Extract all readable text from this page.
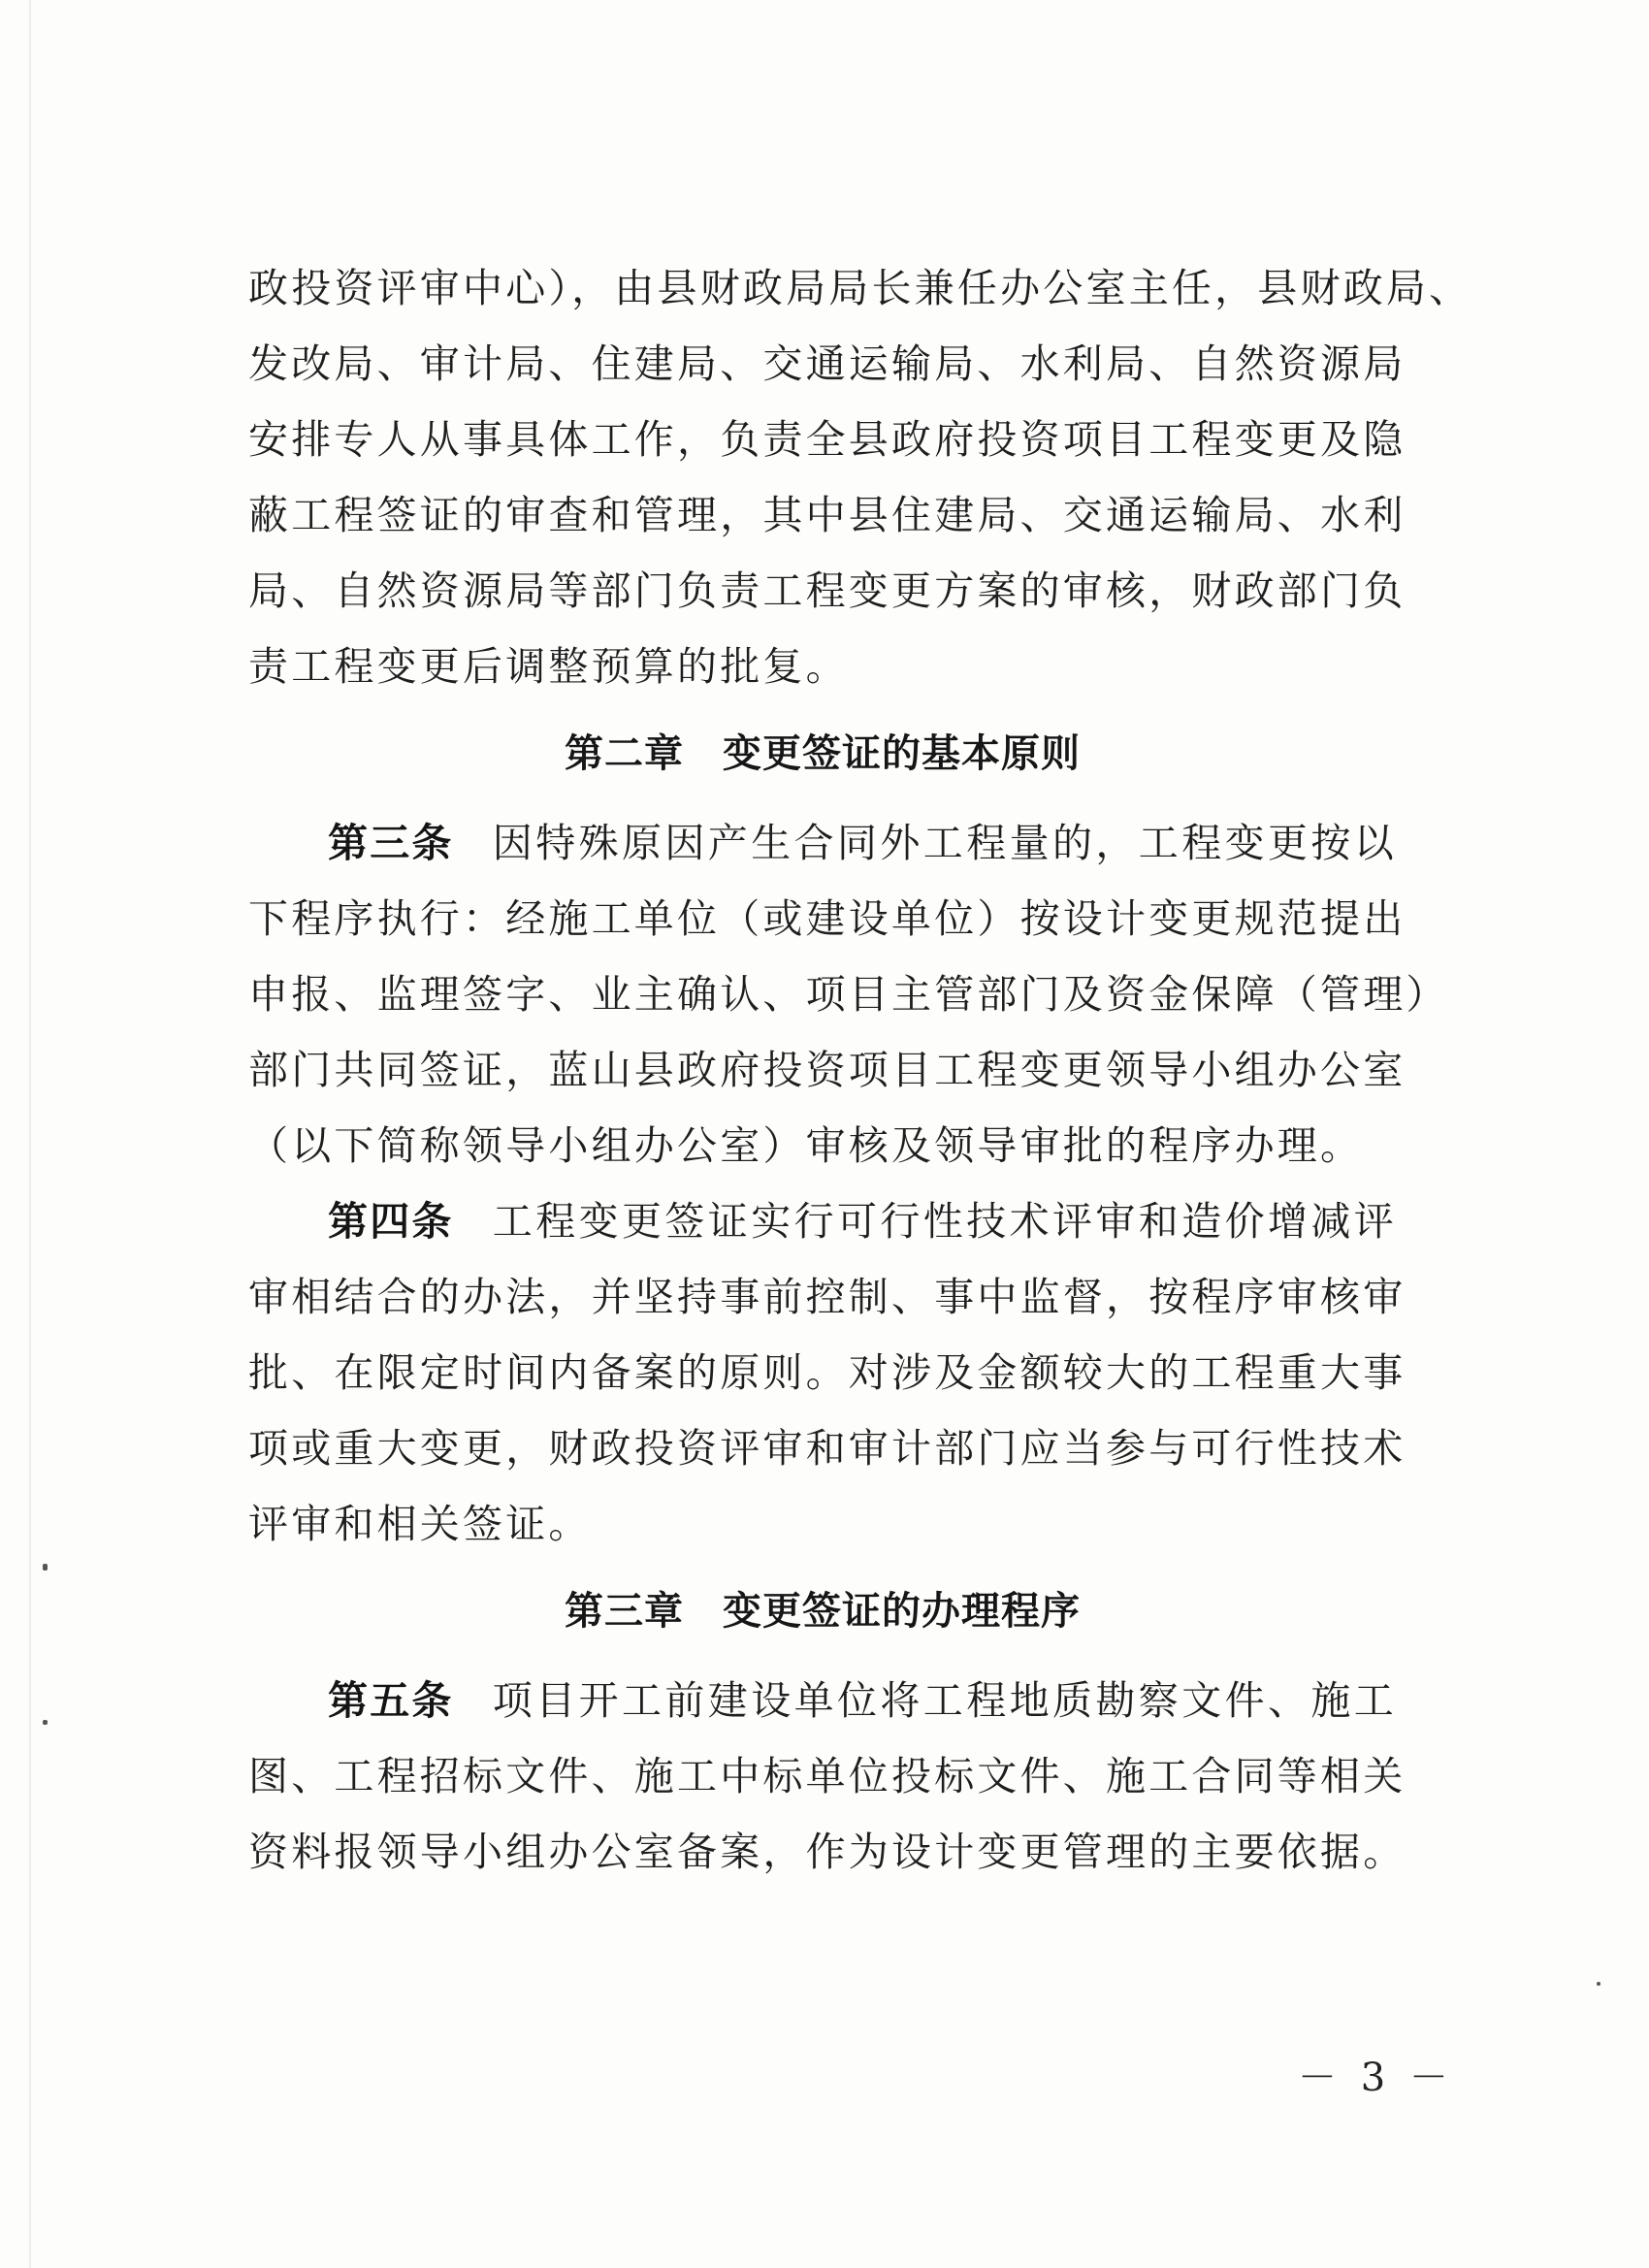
政投资评审中心），由县财政局局长兼任办公室主任，县财政局、
发改局、审计局、住建局、交通运输局、水利局、自然资源局
安排专人从事具体工作，负责全县政府投资项目工程变更及隐
蔽工程签证的审查和管理，其中县住建局、交通运输局、水利
局、自然资源局等部门负责工程变更方案的审核，财政部门负
责工程变更后调整预算的批复。
第二章 变更签证的基本原则
第三条 因特殊原因产生合同外工程量的，工程变更按以
下程序执行：经施工单位（或建设单位）按设计变更规范提出
申报、监理签字、业主确认、项目主管部门及资金保障（管理）
部门共同签证，蓝山县政府投资项目工程变更领导小组办公室
（以下简称领导小组办公室）审核及领导审批的程序办理。
第四条 工程变更签证实行可行性技术评审和造价增减评
审相结合的办法，并坚持事前控制、事中监督，按程序审核审
批、在限定时间内备案的原则。对涉及金额较大的工程重大事
项或重大变更，财政投资评审和审计部门应当参与可行性技术
评审和相关签证。
第三章 变更签证的办理程序
第五条 项目开工前建设单位将工程地质勘察文件、施工
图、工程招标文件、施工中标单位投标文件、施工合同等相关
资料报领导小组办公室备案，作为设计变更管理的主要依据。
－ 3 －
